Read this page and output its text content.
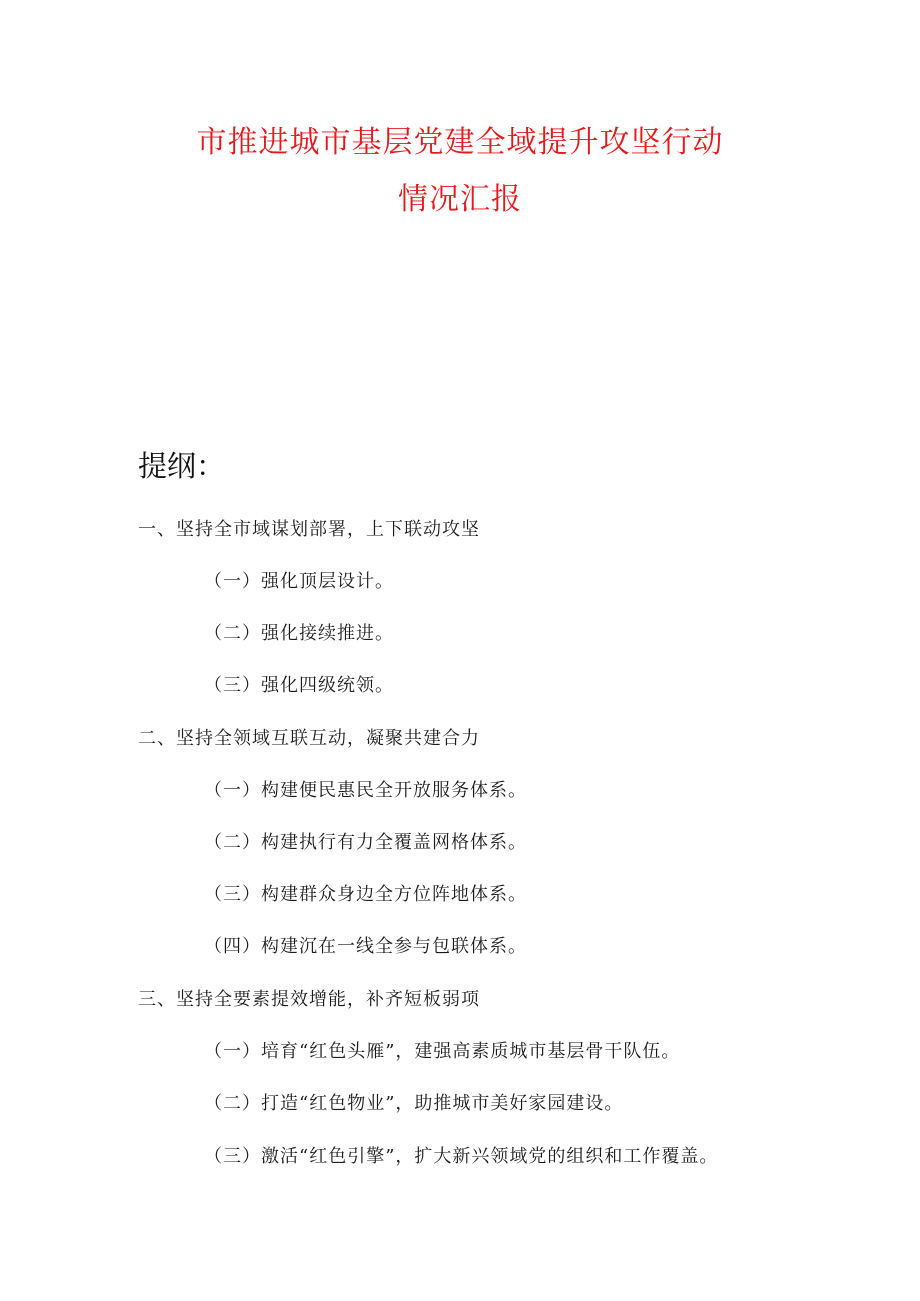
市推进城市基层党建全域提升攻坚行动
情况汇报
提纲：
一、坚持全市域谋划部署，上下联动攻坚
（一）强化顶层设计。
（二）强化接续推进。
（三）强化四级统领。
二、坚持全领域互联互动，凝聚共建合力
（一）构建便民惠民全开放服务体系。
（二）构建执行有力全覆盖网格体系。
（三）构建群众身边全方位阵地体系。
（四）构建沉在一线全参与包联体系。
三、坚持全要素提效增能，补齐短板弱项
（一）培育“红色头雁”，建强高素质城市基层骨干队伍。
（二）打造“红色物业”，助推城市美好家园建设。
（三）激活“红色引擎”，扩大新兴领域党的组织和工作覆盖。
